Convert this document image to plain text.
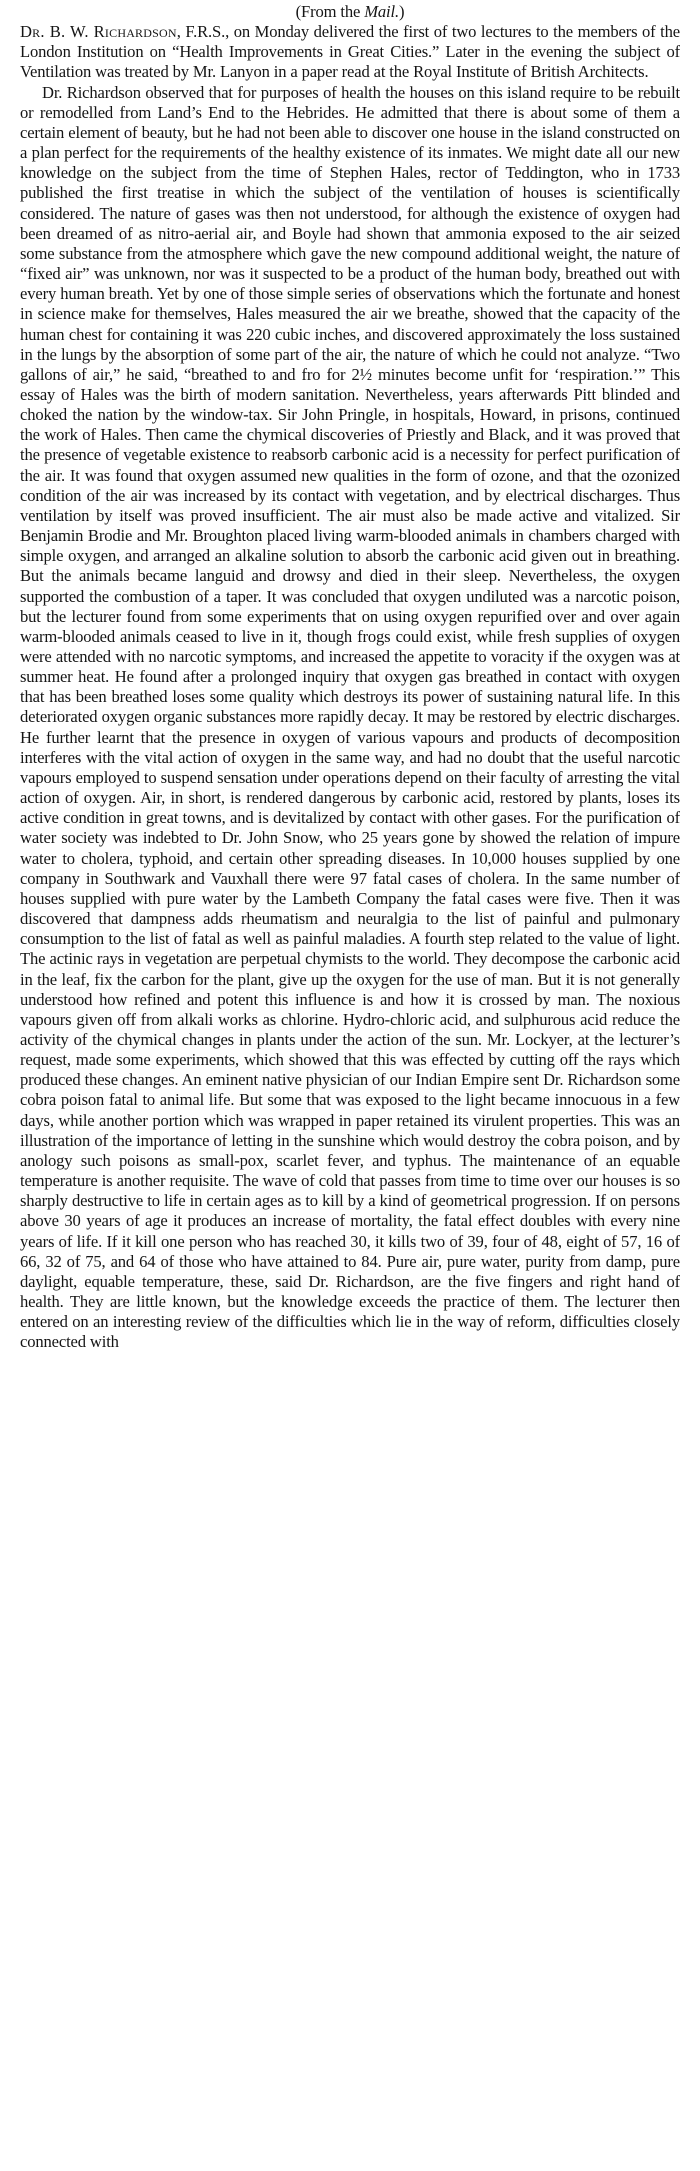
(From the Mail.)

Dr. B. W. Richardson, F.R.S., on Monday delivered the first of two lectures to the members of the London Institution on “Health Improvements in Great Cities.” Later in the evening the subject of Ventilation was treated by Mr. Lanyon in a paper read at the Royal Institute of British Architects.

Dr. Richardson observed that for purposes of health the houses on this island require to be rebuilt or remodelled from Land’s End to the Hebrides. He admitted that there is about some of them a certain element of beauty, but he had not been able to discover one house in the island constructed on a plan perfect for the requirements of the healthy existence of its inmates. We might date all our new knowledge on the subject from the time of Stephen Hales, rector of Teddington, who in 1733 published the first treatise in which the subject of the ventilation of houses is scientifically considered. The nature of gases was then not understood, for although the existence of oxygen had been dreamed of as nitro-aerial air, and Boyle had shown that ammonia exposed to the air seized some substance from the atmosphere which gave the new compound additional weight, the nature of “fixed air” was unknown, nor was it suspected to be a product of the human body, breathed out with every human breath. Yet by one of those simple series of observations which the fortunate and honest in science make for themselves, Hales measured the air we breathe, showed that the capacity of the human chest for containing it was 220 cubic inches, and discovered approximately the loss sustained in the lungs by the absorption of some part of the air, the nature of which he could not analyze. “Two gallons of air,” he said, “breathed to and fro for 2½ minutes become unfit for ‘respiration.’” This essay of Hales was the birth of modern sanitation. Nevertheless, years afterwards Pitt blinded and choked the nation by the window-tax. Sir John Pringle, in hospitals, Howard, in prisons, continued the work of Hales. Then came the chymical discoveries of Priestly and Black, and it was proved that the presence of vegetable existence to reabsorb carbonic acid is a necessity for perfect purification of the air. It was found that oxygen assumed new qualities in the form of ozone, and that the ozonized condition of the air was increased by its contact with vegetation, and by electrical discharges. Thus ventilation by itself was proved insufficient. The air must also be made active and vitalized. Sir Benjamin Brodie and Mr. Broughton placed living warm-blooded animals in chambers charged with simple oxygen, and arranged an alkaline solution to absorb the carbonic acid given out in breathing. But the animals became languid and drowsy and died in their sleep. Nevertheless, the oxygen supported the combustion of a taper. It was concluded that oxygen undiluted was a narcotic poison, but the lecturer found from some experiments that on using oxygen repurified over and over again warm-blooded animals ceased to live in it, though frogs could exist, while fresh supplies of oxygen were attended with no narcotic symptoms, and increased the appetite to voracity if the oxygen was at summer heat. He found after a prolonged inquiry that oxygen gas breathed in contact with oxygen that has been breathed loses some quality which destroys its power of sustaining natural life. In this deteriorated oxygen organic substances more rapidly decay. It may be restored by electric discharges. He further learnt that the presence in oxygen of various vapours and products of decomposition interferes with the vital action of oxygen in the same way, and had no doubt that the useful narcotic vapours employed to suspend sensation under operations depend on their faculty of arresting the vital action of oxygen. Air, in short, is rendered dangerous by carbonic acid, restored by plants, loses its active condition in great towns, and is devitalized by contact with other gases. For the purification of water society was indebted to Dr. John Snow, who 25 years gone by showed the relation of impure water to cholera, typhoid, and certain other spreading diseases. In 10,000 houses supplied by one company in Southwark and Vauxhall there were 97 fatal cases of cholera. In the same number of houses supplied with pure water by the Lambeth Company the fatal cases were five. Then it was discovered that dampness adds rheumatism and neuralgia to the list of painful and pulmonary consumption to the list of fatal as well as painful maladies. A fourth step related to the value of light. The actinic rays in vegetation are perpetual chymists to the world. They decompose the carbonic acid in the leaf, fix the carbon for the plant, give up the oxygen for the use of man. But it is not generally understood how refined and potent this influence is and how it is crossed by man. The noxious vapours given off from alkali works as chlorine. Hydro-chloric acid, and sulphurous acid reduce the activity of the chymical changes in plants under the action of the sun. Mr. Lockyer, at the lecturer’s request, made some experiments, which showed that this was effected by cutting off the rays which produced these changes. An eminent native physician of our Indian Empire sent Dr. Richardson some cobra poison fatal to animal life. But some that was exposed to the light became innocuous in a few days, while another portion which was wrapped in paper retained its virulent properties. This was an illustration of the importance of letting in the sunshine which would destroy the cobra poison, and by anology such poisons as small-pox, scarlet fever, and typhus. The maintenance of an equable temperature is another requisite. The wave of cold that passes from time to time over our houses is so sharply destructive to life in certain ages as to kill by a kind of geometrical progression. If on persons above 30 years of age it produces an increase of mortality, the fatal effect doubles with every nine years of life. If it kill one person who has reached 30, it kills two of 39, four of 48, eight of 57, 16 of 66, 32 of 75, and 64 of those who have attained to 84. Pure air, pure water, purity from damp, pure daylight, equable temperature, these, said Dr. Richardson, are the five fingers and right hand of health. They are little known, but the knowledge exceeds the practice of them. The lecturer then entered on an interesting review of the difficulties which lie in the way of reform, difficulties closely connected with
